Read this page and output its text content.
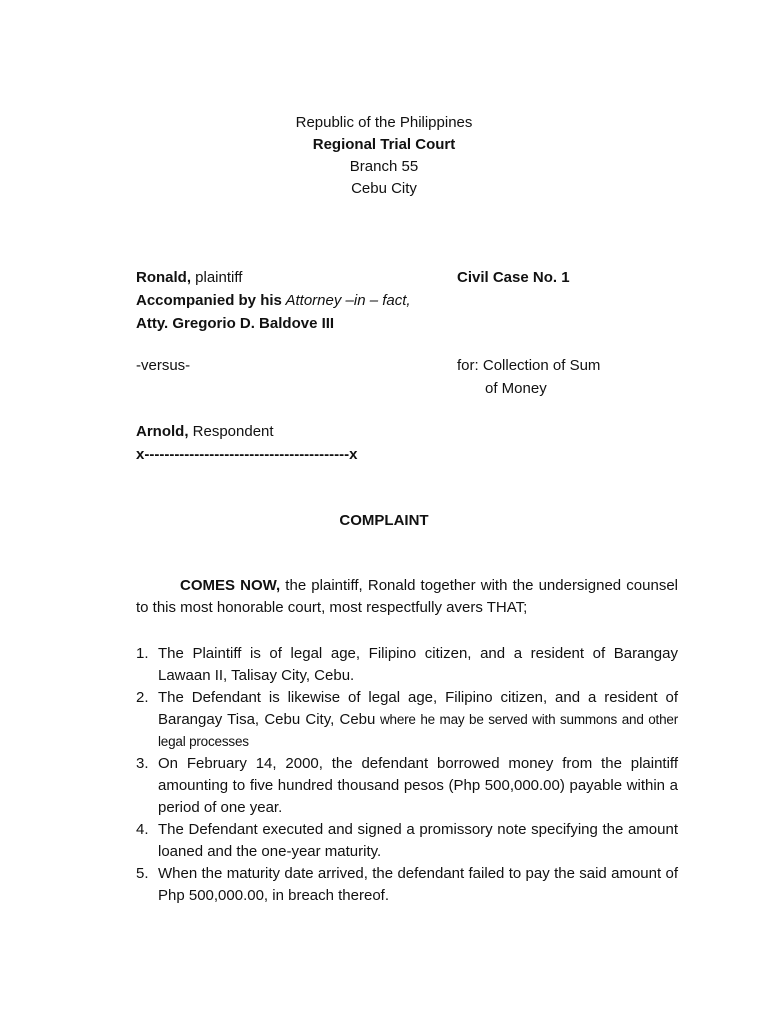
Republic of the Philippines
Regional Trial Court
Branch 55
Cebu City
Ronald, plaintiff
Accompanied by his Attorney –in – fact,
Atty. Gregorio D. Baldove III
-versus-
Arnold, Respondent
x-----------------------------------------x
Civil Case No. 1
for: Collection of Sum
of Money
COMPLAINT
COMES NOW, the plaintiff, Ronald together with the undersigned counsel to this most honorable court, most respectfully avers THAT;
1. The Plaintiff is of legal age, Filipino citizen, and a resident of Barangay Lawaan II, Talisay City, Cebu.
2. The Defendant is likewise of legal age, Filipino citizen, and a resident of Barangay Tisa, Cebu City, Cebu where he may be served with summons and other legal processes
3. On February 14, 2000, the defendant borrowed money from the plaintiff amounting to five hundred thousand pesos (Php 500,000.00) payable within a period of one year.
4. The Defendant executed and signed a promissory note specifying the amount loaned and the one-year maturity.
5. When the maturity date arrived, the defendant failed to pay the said amount of Php 500,000.00, in breach thereof.
